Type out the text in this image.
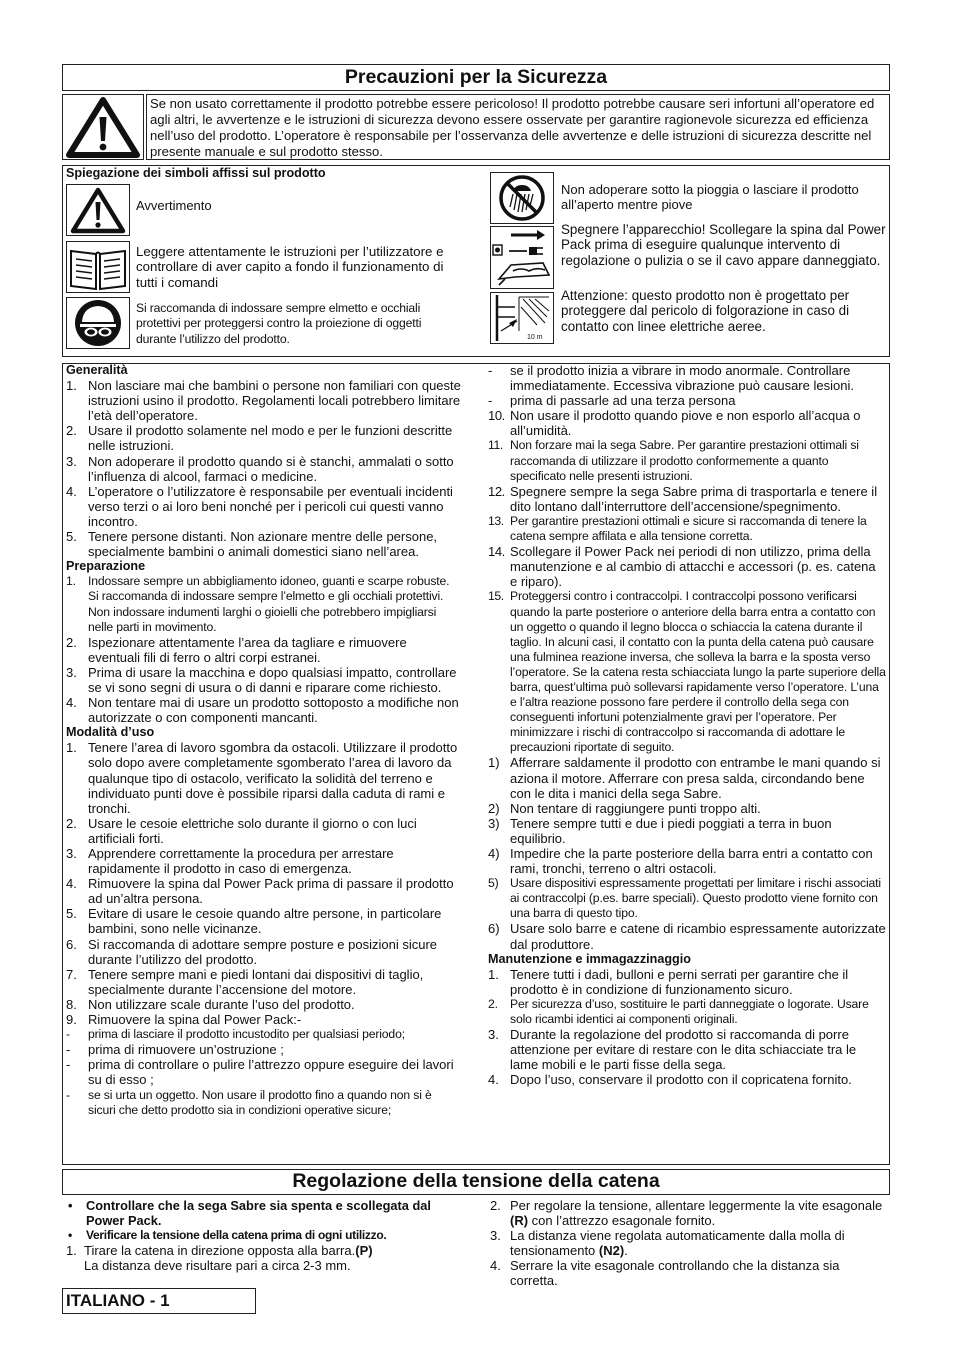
Precauzioni per la Sicurezza
Se non usato correttamente il prodotto potrebbe essere pericoloso! Il prodotto potrebbe causare seri infortuni all’operatore ed agli altri, le avvertenze e le istruzioni di sicurezza devono essere osservate per garantire ragionevole sicurezza ed efficienza nell’uso del prodotto. L’operatore è responsabile per l’osservanza delle avvertenze e delle istruzioni di sicurezza descritte nel presente manuale e sul prodotto stesso.
Spiegazione dei simboli affissi sul prodotto
Avvertimento
Leggere attentamente le istruzioni per l’utilizzatore e controllare di aver capito a fondo il funzionamento di tutti i comandi
Si raccomanda di indossare sempre elmetto e occhiali protettivi per proteggersi contro la proiezione di oggetti durante l’utilizzo del prodotto.
Non adoperare sotto la pioggia o lasciare il prodotto all’aperto mentre piove
Spegnere l’apparecchio! Scollegare la spina dal Power Pack prima di eseguire qualunque intervento di regolazione o pulizia o se il cavo appare danneggiato.
10 m
Attenzione: questo prodotto non è progettato per proteggere dal pericolo di folgorazione in caso di contatto con linee elettriche aeree.
Generalità
1. Non lasciare mai che bambini o persone non familiari con queste istruzioni usino il prodotto. Regolamenti locali potrebbero limitare l’età dell’operatore.
2. Usare il prodotto solamente nel modo e per le funzioni descritte nelle istruzioni.
3. Non adoperare il prodotto quando si è stanchi, ammalati o sotto l’influenza di alcool, farmaci o medicine.
4. L’operatore o l’utilizzatore è responsabile per eventuali incidenti verso terzi o ai loro beni nonché per i pericoli cui questi vanno incontro.
5. Tenere persone distanti. Non azionare mentre delle persone, specialmente bambini o animali domestici siano nell’area.
Preparazione
1. Indossare sempre un abbigliamento idoneo, guanti e scarpe robuste. Si raccomanda di indossare sempre l’elmetto e gli occhiali protettivi. Non indossare indumenti larghi o gioielli che potrebbero impigliarsi nelle parti in movimento.
2. Ispezionare attentamente l’area da tagliare e rimuovere eventuali fili di ferro o altri corpi estranei.
3. Prima di usare la macchina e dopo qualsiasi impatto, controllare se vi sono segni di usura o di danni e riparare come richiesto.
4. Non tentare mai di usare un prodotto sottoposto a modifiche non autorizzate o con componenti mancanti.
Modalità d’uso
1. Tenere l’area di lavoro sgombra da ostacoli. Utilizzare il prodotto solo dopo avere completamente sgomberato l’area di lavoro da qualunque tipo di ostacolo, verificato la solidità del terreno e individuato punti dove è possibile riparsi dalla caduta di rami e tronchi.
2. Usare le cesoie elettriche solo durante il giorno o con luci artificiali forti.
3. Apprendere correttamente la procedura per arrestare rapidamente il prodotto in caso di emergenza.
4. Rimuovere la spina dal Power Pack prima di passare il prodotto ad un’altra persona.
5. Evitare di usare le cesoie quando altre persone, in particolare bambini, sono nelle vicinanze.
6. Si raccomanda di adottare sempre posture e posizioni sicure durante l’utilizzo del prodotto.
7. Tenere sempre mani e piedi lontani dai dispositivi di taglio, specialmente durante l’accensione del motore.
8. Non utilizzare scale durante l’uso del prodotto.
9. Rimuovere la spina dal Power Pack:-
-	prima di lasciare il prodotto incustodito per qualsiasi periodo;
-	prima di rimuovere un’ostruzione ;
-	prima di controllare o pulire l’attrezzo oppure eseguire dei lavori su di esso ;
-	se si urta un oggetto. Non usare il prodotto fino a quando non si è sicuri che detto prodotto sia in condizioni operative sicure;
-	se il prodotto inizia a vibrare in modo anormale. Controllare immediatamente. Eccessiva vibrazione può causare lesioni.
-	prima di passarle ad una terza persona
10. Non usare il prodotto quando piove e non esporlo all’acqua o all’umidità.
11. Non forzare mai la sega Sabre. Per garantire prestazioni ottimali si raccomanda di utilizzare il prodotto conformemente a quanto specificato nelle presenti istruzioni.
12. Spegnere sempre la sega Sabre prima di trasportarla e tenere il dito lontano dall’interruttore dell’accensione/spegnimento.
13. Per garantire prestazioni ottimali e sicure si raccomanda di tenere la catena sempre affilata e alla tensione corretta.
14. Scollegare il Power Pack nei periodi di non utilizzo, prima della manutenzione e al cambio di attacchi e accessori (p. es. catena e riparo).
15. Proteggersi contro i contraccolpi. I contraccolpi possono verificarsi quando la parte posteriore o anteriore della barra entra a contatto con un oggetto o quando il legno blocca o schiaccia la catena durante il taglio. In alcuni casi, il contatto con la punta della catena può causare una fulminea reazione inversa, che solleva la barra e la sposta verso l’operatore. Se la catena resta schiacciata lungo la parte superiore della barra, quest’ultima può sollevarsi rapidamente verso l’operatore. L’una e l’altra reazione possono fare perdere il controllo della sega con conseguenti infortuni potenzialmente gravi per l’operatore. Per minimizzare i rischi di contraccolpo si raccomanda di adottare le precauzioni riportate di seguito.
1) Afferrare saldamente il prodotto con entrambe le mani quando si aziona il motore. Afferrare con presa salda, circondando bene con le dita i manici della sega Sabre.
2) Non tentare di raggiungere punti troppo alti.
3) Tenere sempre tutti e due i piedi poggiati a terra in buon equilibrio.
4) Impedire che la parte posteriore della barra entri a contatto con rami, tronchi, terreno o altri ostacoli.
5) Usare dispositivi espressamente progettati per limitare i rischi associati ai contraccolpi (p.es. barre speciali). Questo prodotto viene fornito con una barra di questo tipo.
6) Usare solo barre e catene di ricambio espressamente autorizzate dal produttore.
Manutenzione e immagazzinaggio
1. Tenere tutti i dadi, bulloni e perni serrati per garantire che il prodotto è in condizione di funzionamento sicuro.
2. Per sicurezza d’uso, sostituire le parti danneggiate o logorate. Usare solo ricambi identici ai componenti originali.
3. Durante la regolazione del prodotto si raccomanda di porre attenzione per evitare di restare con le dita schiacciate tra le lame mobili e le parti fisse della sega.
4. Dopo l’uso, conservare il prodotto con il copricatena fornito.
Regolazione della tensione della catena
•	Controllare che la sega Sabre sia spenta e scollegata dal Power Pack.
•	Verificare la tensione della catena prima di ogni utilizzo.
1. Tirare la catena in direzione opposta alla barra.(P)
La distanza deve risultare pari a circa 2-3 mm.
2. Per regolare la tensione, allentare leggermente la vite esagonale (R) con l’attrezzo esagonale fornito.
3. La distanza viene regolata automaticamente dalla molla di tensionamento (N2).
4. Serrare la vite esagonale controllando che la distanza sia corretta.
ITALIANO - 1
